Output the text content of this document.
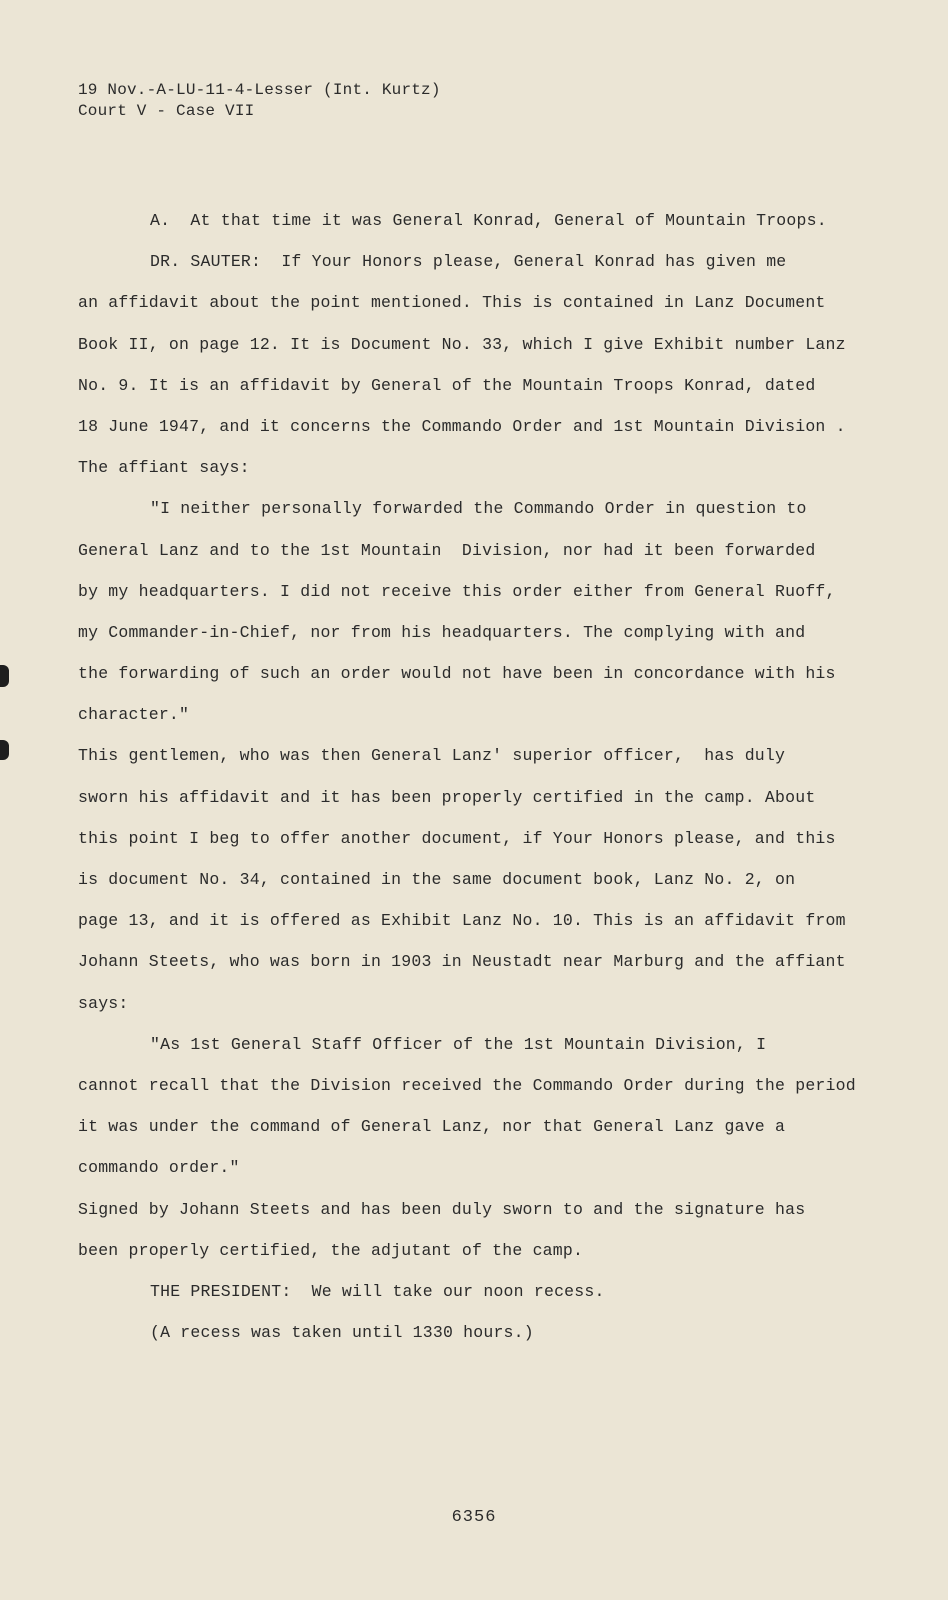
19 Nov.-A-LU-11-4-Lesser (Int. Kurtz)
Court V - Case VII
A.  At that time it was General Konrad, General of Mountain Troops.
DR. SAUTER:  If Your Honors please, General Konrad has given me
an affidavit about the point mentioned. This is contained in Lanz Document
Book II, on page 12. It is Document No. 33, which I give Exhibit number Lanz
No. 9. It is an affidavit by General of the Mountain Troops Konrad, dated
18 June 1947, and it concerns the Commando Order and 1st Mountain Division .
The affiant says:
"I neither personally forwarded the Commando Order in question to
General Lanz and to the 1st Mountain  Division, nor had it been forwarded
by my headquarters. I did not receive this order either from General Ruoff,
my Commander-in-Chief, nor from his headquarters. The complying with and
the forwarding of such an order would not have been in concordance with his
character."
This gentlemen, who was then General Lanz' superior officer,  has duly
sworn his affidavit and it has been properly certified in the camp. About
this point I beg to offer another document, if Your Honors please, and this
is document No. 34, contained in the same document book, Lanz No. 2, on
page 13, and it is offered as Exhibit Lanz No. 10. This is an affidavit from
Johann Steets, who was born in 1903 in Neustadt near Marburg and the affiant
says:
"As 1st General Staff Officer of the 1st Mountain Division, I
cannot recall that the Division received the Commando Order during the period
it was under the command of General Lanz, nor that General Lanz gave a
commando order."
Signed by Johann Steets and has been duly sworn to and the signature has
been properly certified, the adjutant of the camp.
THE PRESIDENT:  We will take our noon recess.
(A recess was taken until 1330 hours.)
6356
